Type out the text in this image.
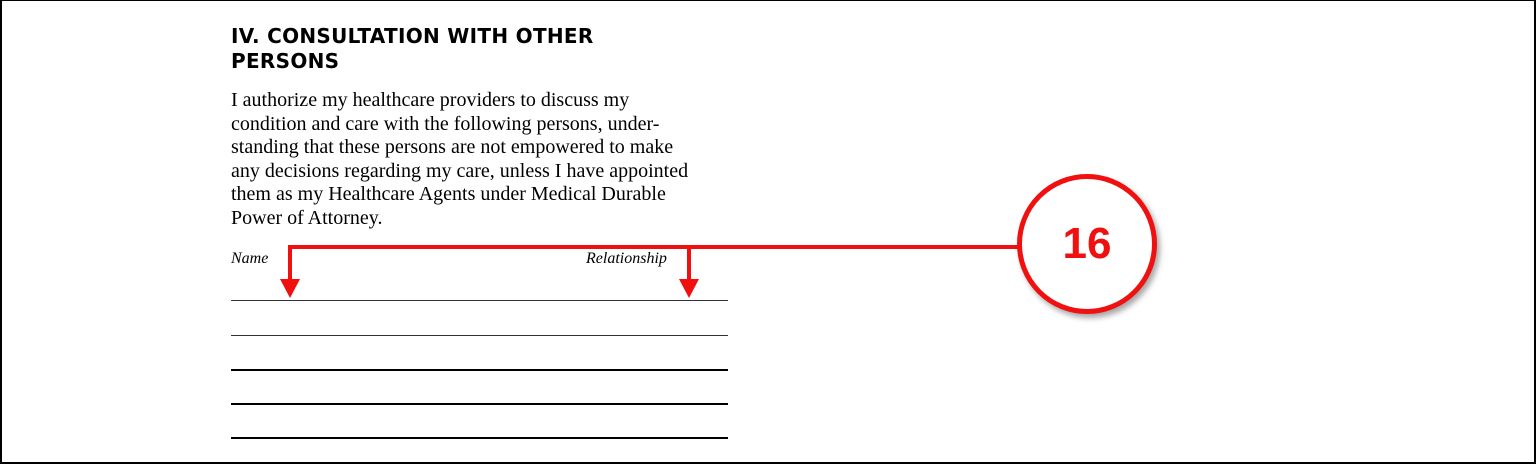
IV. CONSULTATION WITH OTHER
PERSONS

I authorize my healthcare providers to discuss my
condition and care with the following persons, under-
standing that these persons are not empowered to make
any decisions regarding my care, unless I have appointed
them as my Healthcare Agents under Medical Durable
Power of Attorney.

Name	Relationship	16
